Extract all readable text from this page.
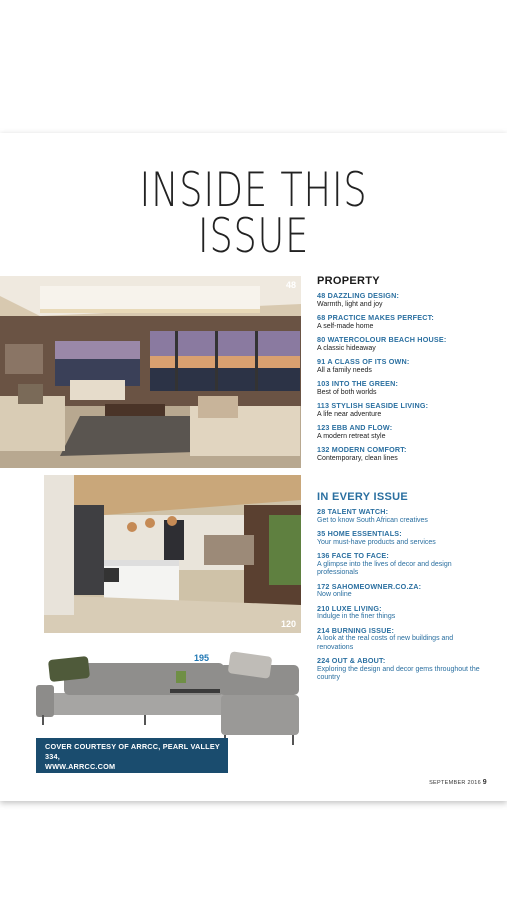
INSIDE THIS
ISSUE
48
120
195
COVER COURTESY OF ARRCC, PEARL VALLEY 334,
WWW.ARRCC.COM
PROPERTY
48 DAZZLING DESIGN:
Warmth, light and joy
68 PRACTICE MAKES PERFECT:
A self-made home
80 WATERCOLOUR BEACH HOUSE:
A classic hideaway
91 A CLASS OF ITS OWN:
All a family needs
103 INTO THE GREEN:
Best of both worlds
113 STYLISH SEASIDE LIVING:
A life near adventure
123 EBB AND FLOW:
A modern retreat style
132 MODERN COMFORT:
Contemporary, clean lines
IN EVERY ISSUE
28 TALENT WATCH:
Get to know South African creatives
35 HOME ESSENTIALS:
Your must-have products and services
136 FACE TO FACE:
A glimpse into the lives of decor and design professionals
172 SAHOMEOWNER.CO.ZA:
Now online
210 LUXE LIVING:
Indulge in the finer things
214 BURNING ISSUE:
A look at the real costs of new buildings and renovations
224 OUT & ABOUT:
Exploring the design and decor gems throughout the country
SEPTEMBER 2016 9
